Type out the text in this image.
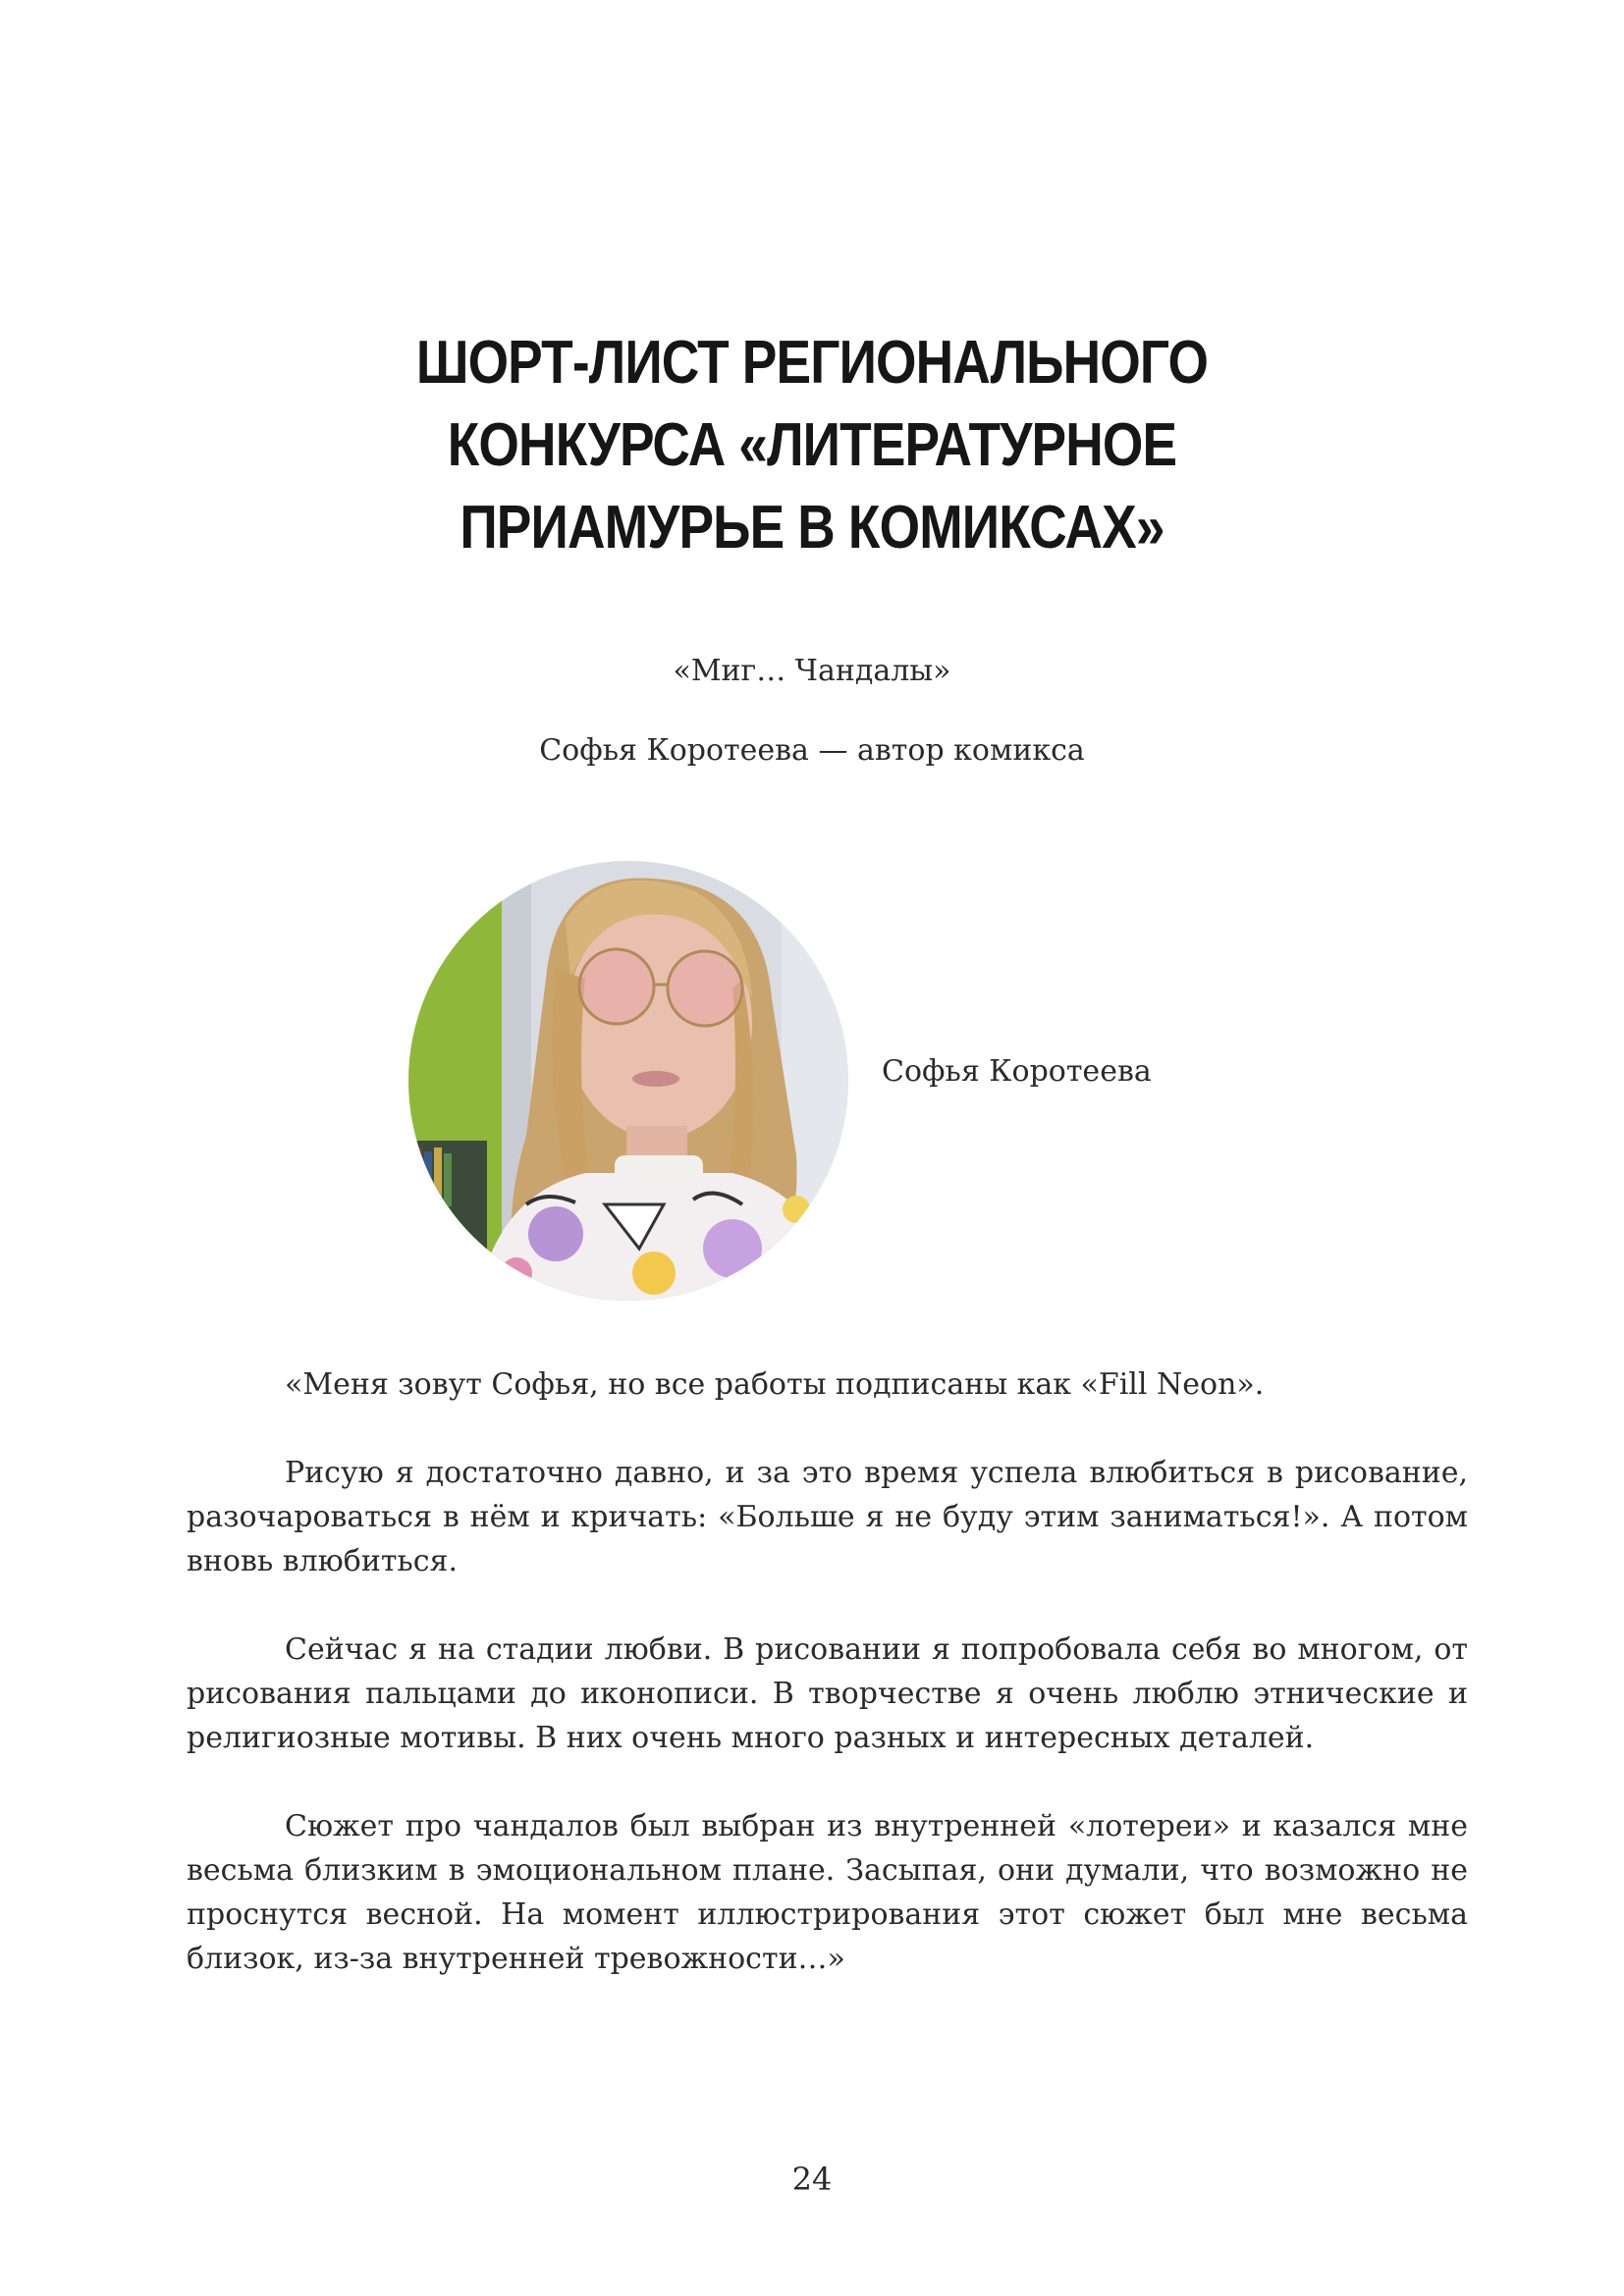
ШОРТ-ЛИСТ РЕГИОНАЛЬНОГО
КОНКУРСА «ЛИТЕРАТУРНОЕ
ПРИАМУРЬЕ В КОМИКСАХ»
«Миг… Чандалы»
Софья Коротеева — автор комикса
Софья Коротеева

«Меня зовут Софья, но все работы подписаны как «Fill Neon».

Рисую я достаточно давно, и за это время успела влюбиться в рисование, разочароваться в нём и кричать: «Больше я не буду этим заниматься!». А потом вновь влюбиться.

Сейчас я на стадии любви. В рисовании я попробовала себя во многом, от рисования пальцами до иконописи. В творчестве я очень люблю этнические и религиозные мотивы. В них очень много разных и интересных деталей.

Сюжет про чандалов был выбран из внутренней «лотереи» и казался мне весьма близким в эмоциональном плане. Засыпая, они думали, что возможно не проснутся весной. На момент иллюстрирования этот сюжет был мне весьма близок, из-за внутренней тревожности…»

24
